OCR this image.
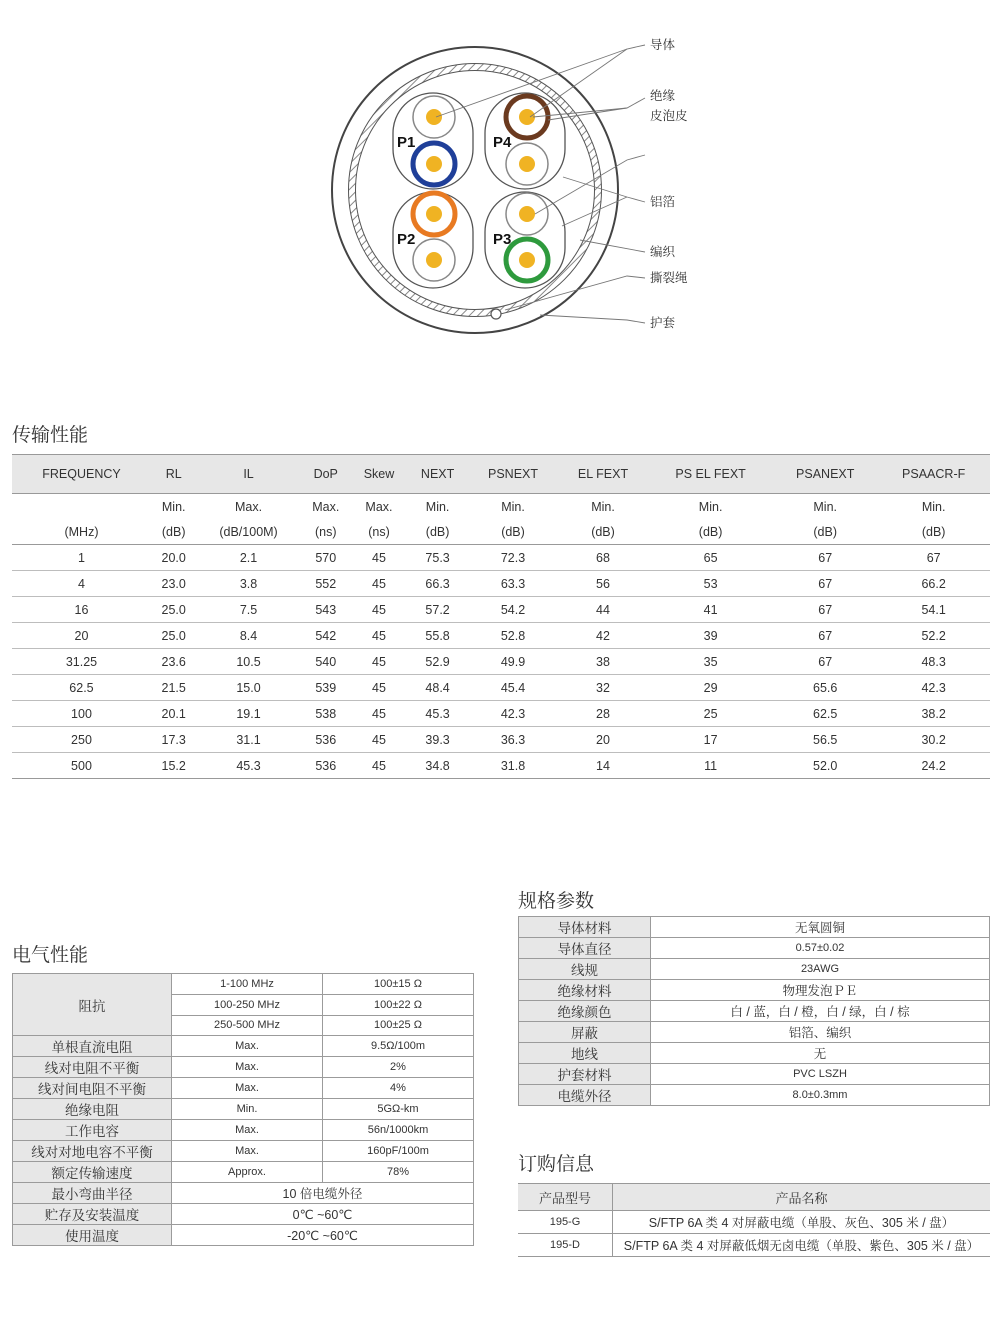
P1	P4
P2	P3
导体
绝缘
皮泡皮
铝箔
编织
撕裂绳
护套
传输性能
FREQUENCY	RL	IL	DoP	Skew	NEXT	PSNEXT	EL FEXT	PS EL FEXT	PSANEXT	PSAACR-F
	Min.	Max.	Max.	Max.	Min.	Min.	Min.	Min.	Min.	Min.
(MHz)	(dB)	(dB/100M)	(ns)	(ns)	(dB)	(dB)	(dB)	(dB)	(dB)	(dB)
1	20.0	2.1	570	45	75.3	72.3	68	65	67	67
4	23.0	3.8	552	45	66.3	63.3	56	53	67	66.2
16	25.0	7.5	543	45	57.2	54.2	44	41	67	54.1
20	25.0	8.4	542	45	55.8	52.8	42	39	67	52.2
31.25	23.6	10.5	540	45	52.9	49.9	38	35	67	48.3
62.5	21.5	15.0	539	45	48.4	45.4	32	29	65.6	42.3
100	20.1	19.1	538	45	45.3	42.3	28	25	62.5	38.2
250	17.3	31.1	536	45	39.3	36.3	20	17	56.5	30.2
500	15.2	45.3	536	45	34.8	31.8	14	11	52.0	24.2
电气性能
阻抗	1-100 MHz	100±15 Ω
	100-250 MHz	100±22 Ω
	250-500 MHz	100±25 Ω
单根直流电阻	Max.	9.5Ω/100m
线对电阻不平衡	Max.	2%
线对间电阻不平衡	Max.	4%
绝缘电阻	Min.	5GΩ-km
工作电容	Max.	56n/1000km
线对对地电容不平衡	Max.	160pF/100m
额定传输速度	Approx.	78%
最小弯曲半径	10 倍电缆外径	
贮存及安装温度	0℃ ~60℃	
使用温度	-20℃ ~60℃	
规格参数
导体材料	无氧圆铜
导体直径	0.57±0.02
线规	23AWG
绝缘材料	物理发泡ＰＥ
绝缘颜色	白 / 蓝，白 / 橙，白 / 绿，白 / 棕
屏蔽	铝箔、编织
地线	无
护套材料	PVC LSZH
电缆外径	8.0±0.3mm
订购信息
产品型号	产品名称
195-G	S/FTP 6A 类 4 对屏蔽电缆（单股、灰色、305 米 / 盘）
195-D	S/FTP 6A 类 4 对屏蔽低烟无卤电缆（单股、紫色、305 米 / 盘）
